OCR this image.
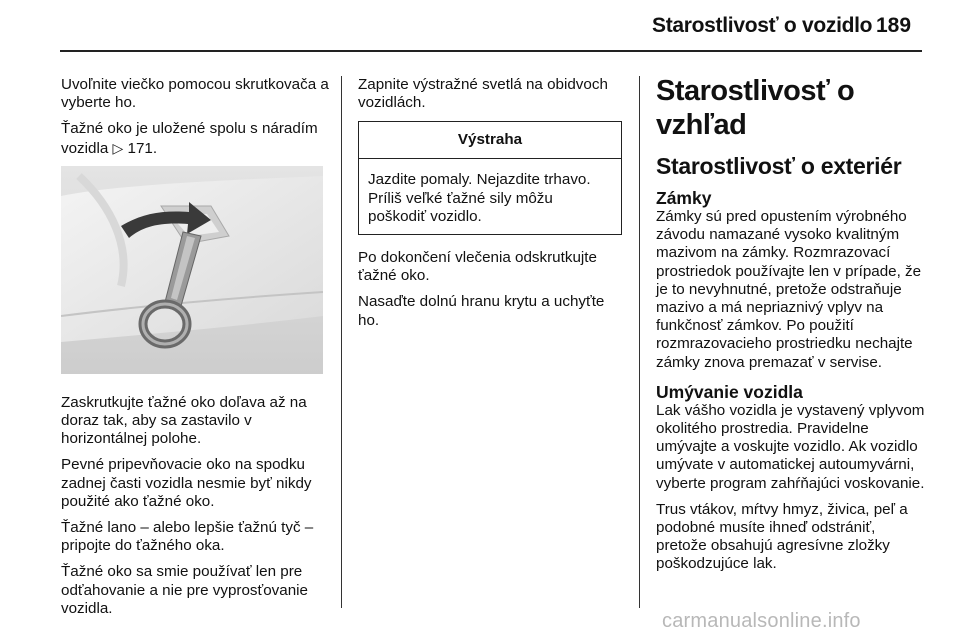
Starostlivosť o vozidlo 189

Uvoľnite viečko pomocou skrutkovača a vyberte ho.

Ťažné oko je uložené spolu s náradím vozidla ▷ 171.

Zaskrutkujte ťažné oko doľava až na doraz tak, aby sa zastavilo v horizontálnej polohe.

Pevné pripevňovacie oko na spodku zadnej časti vozidla nesmie byť nikdy použité ako ťažné oko.

Ťažné lano – alebo lepšie ťažnú tyč – pripojte do ťažného oka.

Ťažné oko sa smie používať len pre odťahovanie a nie pre vyprosťovanie vozidla.

Zapnite výstražné svetlá na obidvoch vozidlách.

Výstraha
Jazdite pomaly. Nejazdite trhavo. Príliš veľké ťažné sily môžu poškodiť vozidlo.

Po dokončení vlečenia odskrutkujte ťažné oko.

Nasaďte dolnú hranu krytu a uchyťte ho.

Starostlivosť o vzhľad
Starostlivosť o exteriér
Zámky

Zámky sú pred opustením výrobného závodu namazané vysoko kvalitným mazivom na zámky. Rozmrazovací prostriedok používajte len v prípade, že je to nevyhnutné, pretože odstraňuje mazivo a má nepriaznivý vplyv na funkčnosť zámkov. Po použití rozmrazovacieho prostriedku nechajte zámky znova premazať v servise.

Umývanie vozidla

Lak vášho vozidla je vystavený vplyvom okolitého prostredia. Pravidelne umývajte a voskujte vozidlo. Ak vozidlo umývate v automatickej autoumyvárni, vyberte program zahŕňajúci voskovanie.

Trus vtákov, mŕtvy hmyz, živica, peľ a podobné musíte ihneď odstrániť, pretože obsahujú agresívne zložky poškodzujúce lak.

carmanualsonline.info
